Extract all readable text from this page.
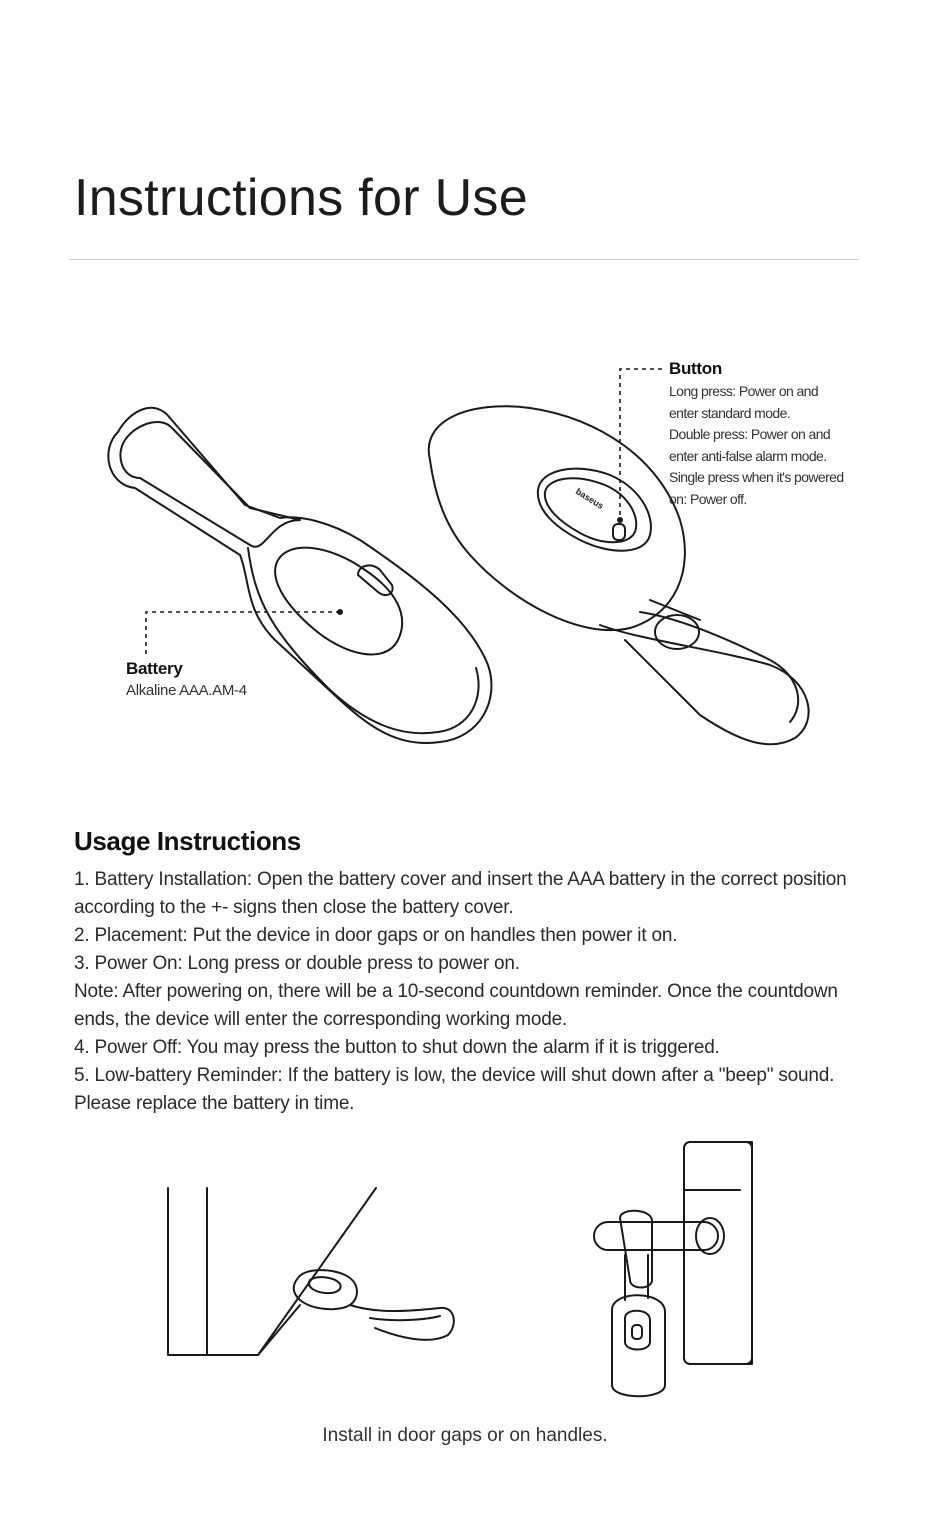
Instructions for Use
baseus
Button
Long press: Power on and
enter standard mode.
Double press: Power on and
enter anti-false alarm mode.
Single press when it's powered
on: Power off.
Battery
Alkaline AAA.AM-4
Usage Instructions

1. Battery Installation: Open the battery cover and insert the AAA battery in the correct position according to the +- signs then close the battery cover.

2. Placement: Put the device in door gaps or on handles then power it on.

3. Power On: Long press or double press to power on.

Note: After powering on, there will be a 10-second countdown reminder. Once the countdown ends, the device will enter the corresponding working mode.

4. Power Off: You may press the button to shut down the alarm if it is triggered.

5. Low-battery Reminder: If the battery is low, the device will shut down after a "beep" sound. Please replace the battery in time.

Install in door gaps or on handles.
